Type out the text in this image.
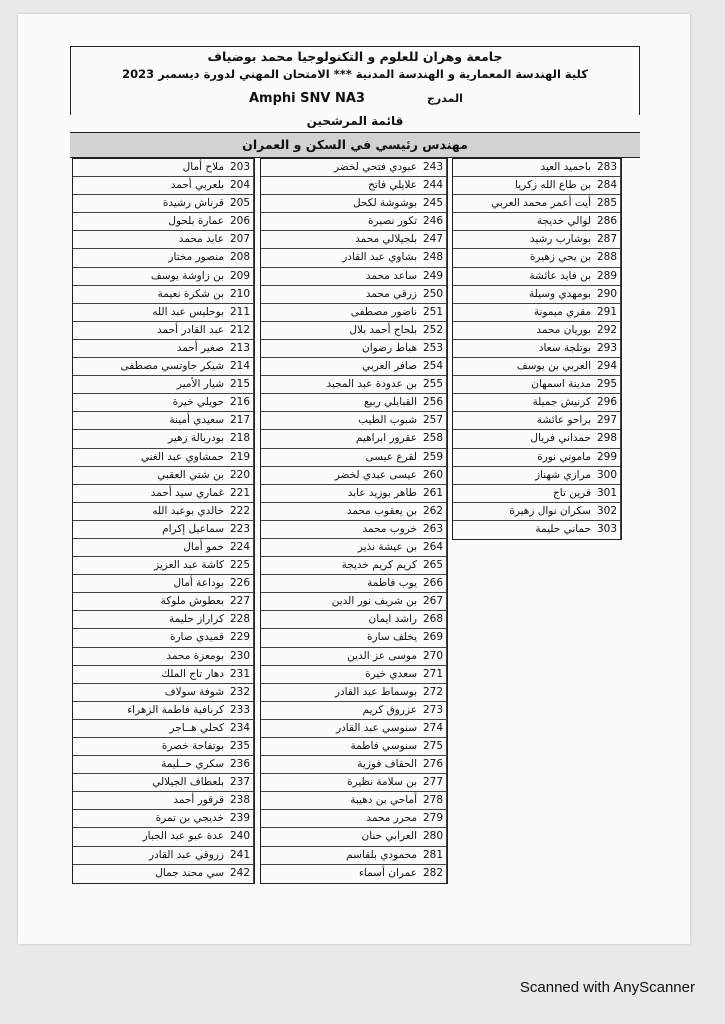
جامعة وهران للعلوم و التكنولوجيا محمد بوضياف
كلية الهندسة المعمارية و الهندسة المدنية *** الامتحان المهني لدورة ديسمبر 2023
Amphi SNV NA3	المدرج
قائمة المرشحين
مهندس رئيسي في السكن و العمران
باحميد العيد 283
بن طاع الله زكريا 284
أيت أعمر محمد العربي 285
لوالي خديجة 286
بوشارب رشيد 287
بن يحي زهيرة 288
بن فايد عائشة 289
بومهدي وسيلة 290
مقري ميمونة 291
بوريان محمد 292
بوتلجة سعاد 293
العربي بن يوسف 294
مدينة اسمهان 295
كرنيش جميلة 296
براحو عائشة 297
حمداني فريال 298
ماموني نورة 299
مرازي شهناز 300
قرين تاج 301
سكران نوال زهيرة 302
حماني حليمة 303
عبودي فتحي لخضر 243
علايلي فاتح 244
بوشوشة لكحل 245
تكور نصيرة 246
بلجيلالي محمد 247
بشاوي عبد القادر 248
ساعد محمد 249
زرقي محمد 250
ناضور مصطفى 251
بلحاج أحمد بلال 252
هباط رضوان 253
صافر العربي 254
بن عدودة عبد المجيد 255
القبايلي ربيع 256
شبوب الطيب 257
عقرور ابراهيم 258
لقرع عيسى 259
عيسى عبدي لخضر 260
طاهر بوزيد عابد 261
بن يعقوب محمد 262
خروب محمد 263
بن عيشة نذير 264
كريم كريم خديجة 265
يوب فاطمة 266
بن شريف نور الدين 267
راشد ايمان 268
يخلف سارة 269
موسى عز الدين 270
سعدي خيرة 271
بوسماط عبد القادر 272
عزروق كريم 273
سنوسي عبد القادر 274
سنوسي فاطمة 275
الحقاف فوزية 276
بن سلامة نظيرة 277
أماحي بن دهيبة 278
محرر محمد 279
العرابي حنان 280
محمودي بلقاسم 281
عمران أسماء 282
ملاح أمال 203
بلعربي أحمد 204
قرناش رشيدة 205
عمارة بلحول 206
عابد محمد 207
منصور مختار 208
بن زاوشة يوسف 209
بن شكرة نعيمة 210
بوحليس عبد الله 211
عبد القادر أحمد 212
صغير أحمد 213
شيكر جاوتسي مصطفى 214
شيار الأمير 215
حويلي خيرة 216
سعيدي أمينة 217
بودربالة زهير 218
حمشاوي عبد الغني 219
بن شتي العقبي 220
غماري سيد أحمد 221
خالدي بوعبد الله 222
سماعيل إكرام 223
حمو أمال 224
كاشة عبد العزيز 225
بوداعة أمال 226
بعطوش ملوكة 227
كراراز حليمة 228
قميدي صارة 229
بومعزة محمد 230
دهار تاج الملك 231
شوفة سولاف 232
كرنافية فاطمة الزهراء 233
كحلي هــاجر 234
بوتفاحة خصرة 235
سكري حــليمة 236
بلعطاف الجيلالي 237
قرقور أحمد 238
خديجي بن تمرة 239
عدة عبو عبد الجبار 240
زروقي عبد القادر 241
سي محند جمال 242
Scanned with AnyScanner
